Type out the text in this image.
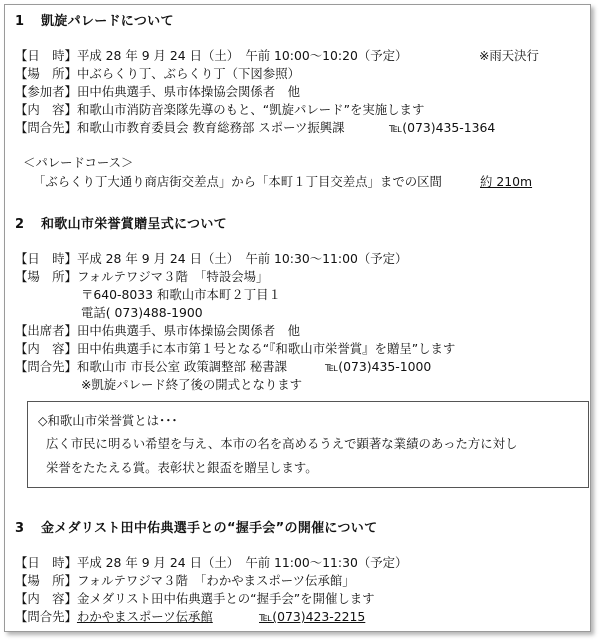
1 凱旋パレードについて
【日　時】平成 28 年 9 月 24 日（土）　午前 10:00～10:20（予定）	※雨天決行
【場　所】中ぶらくり丁、ぶらくり丁（下図参照）
【参加者】田中佑典選手、県市体操協会関係者　他
【内　容】和歌山市消防音楽隊先導のもと、“凱旋パレード”を実施します
【問合先】和歌山市教育委員会 教育総務部 スポーツ振興課	℡(073)435-1364
＜パレードコース＞
「ぶらくり丁大通り商店街交差点」から「本町１丁目交差点」までの区間	約 210m
2 和歌山市栄誉賞贈呈式について
【日　時】平成 28 年 9 月 24 日（土）　午前 10:30～11:00（予定）
【場　所】フォルテワジマ３階　「特設会場」
〒640-8033 和歌山市本町２丁目１
電話( 073)488-1900
【出席者】田中佑典選手、県市体操協会関係者　他
【内　容】田中佑典選手に本市第１号となる“『和歌山市栄誉賞』を贈呈”します
【問合先】和歌山市 市長公室 政策調整部 秘書課	℡(073)435-1000
※凱旋パレード終了後の開式となります
◇和歌山市栄誉賞とは･･･
広く市民に明るい希望を与え、本市の名を高めるうえで顕著な業績のあった方に対し
栄誉をたたえる賞。表彰状と銀盃を贈呈します。
3 金メダリスト田中佑典選手との“握手会”の開催について
【日　時】平成 28 年 9 月 24 日（土）　午前 11:00～11:30（予定）
【場　所】フォルテワジマ３階　「わかやまスポーツ伝承館」
【内　容】金メダリスト田中佑典選手との“握手会”を開催します
【問合先】わかやまスポーツ伝承館	℡(073)423-2215
